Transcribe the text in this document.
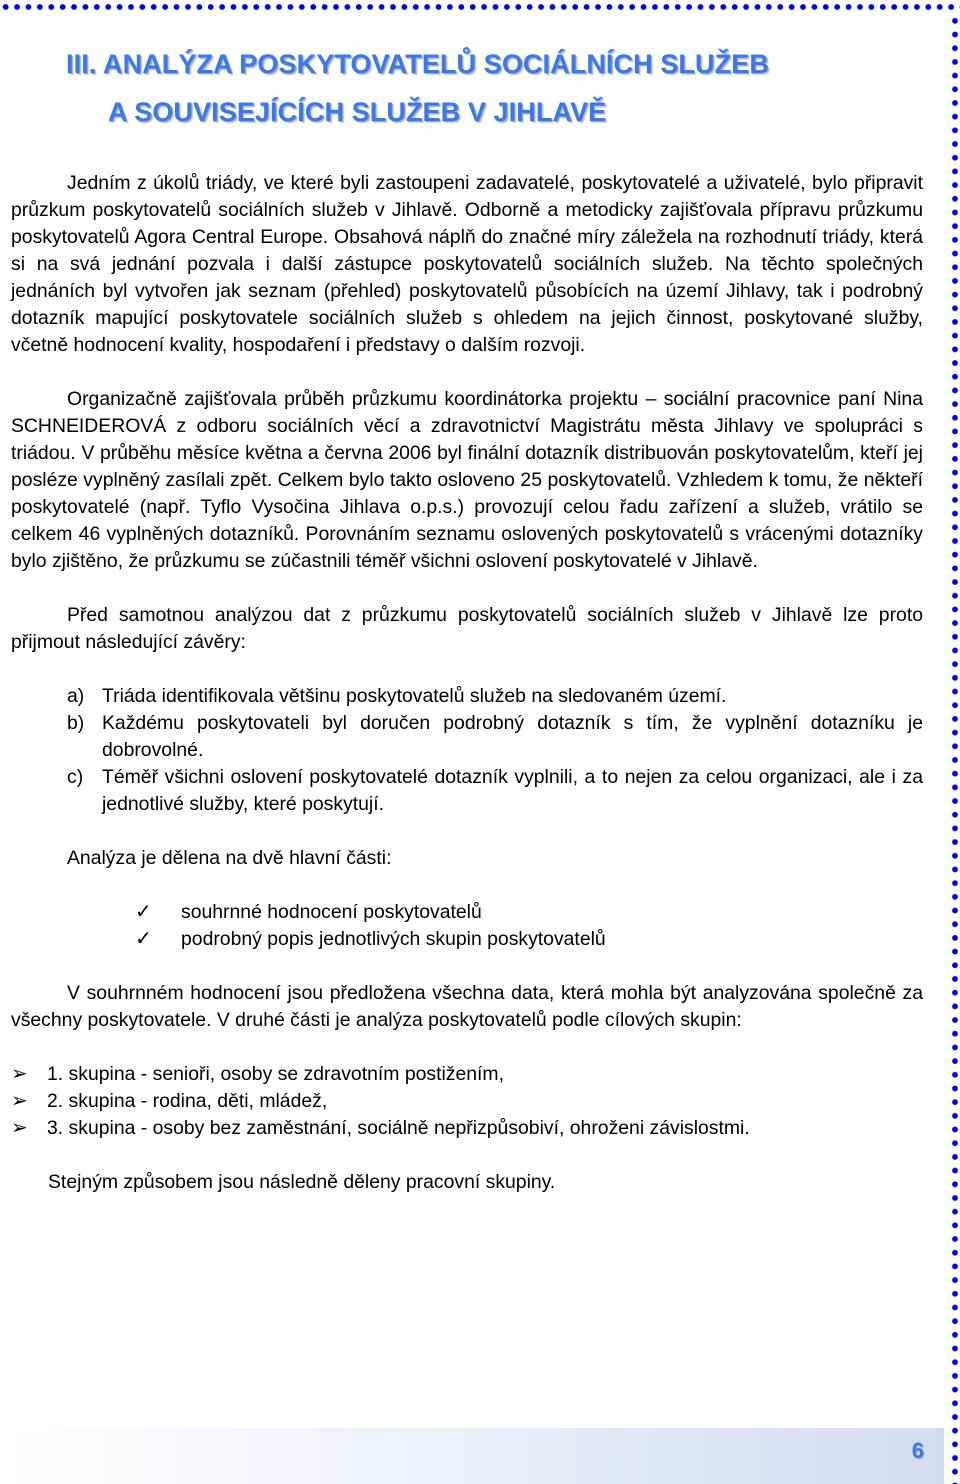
III. ANALÝZA POSKYTOVATELŮ SOCIÁLNÍCH SLUŽEB
A SOUVISEJÍCÍCH SLUŽEB V JIHLAVĚ

Jedním z úkolů triády, ve které byli zastoupeni zadavatelé, poskytovatelé a uživatelé, bylo připravit průzkum poskytovatelů sociálních služeb v Jihlavě. Odborně a metodicky zajišťovala přípravu průzkumu poskytovatelů Agora Central Europe. Obsahová náplň do značné míry záležela na rozhodnutí triády, která si na svá jednání pozvala i další zástupce poskytovatelů sociálních služeb. Na těchto společných jednáních byl vytvořen jak seznam (přehled) poskytovatelů působících na území Jihlavy, tak i podrobný dotazník mapující poskytovatele sociálních služeb s ohledem na jejich činnost, poskytované služby, včetně hodnocení kvality, hospodaření i představy o dalším rozvoji.

Organizačně zajišťovala průběh průzkumu koordinátorka projektu – sociální pracovnice paní Nina SCHNEIDEROVÁ z odboru sociálních věcí a zdravotnictví Magistrátu města Jihlavy ve spolupráci s triádou. V průběhu měsíce května a června 2006 byl finální dotazník distribuován poskytovatelům, kteří jej posléze vyplněný zasílali zpět. Celkem bylo takto osloveno 25 poskytovatelů. Vzhledem k tomu, že někteří poskytovatelé (např. Tyflo Vysočina Jihlava o.p.s.) provozují celou řadu zařízení a služeb, vrátilo se celkem 46 vyplněných dotazníků. Porovnáním seznamu oslovených poskytovatelů s vrácenými dotazníky bylo zjištěno, že průzkumu se zúčastnili téměř všichni oslovení poskytovatelé v Jihlavě.

Před samotnou analýzou dat z průzkumu poskytovatelů sociálních služeb v Jihlavě lze proto přijmout následující závěry:

a) Triáda identifikovala většinu poskytovatelů služeb na sledovaném území.
b) Každému poskytovateli byl doručen podrobný dotazník s tím, že vyplnění dotazníku je dobrovolné.
c) Téměř všichni oslovení poskytovatelé dotazník vyplnili, a to nejen za celou organizaci, ale i za jednotlivé služby, které poskytují.

Analýza je dělena na dvě hlavní části:

✓ souhrnné hodnocení poskytovatelů
✓ podrobný popis jednotlivých skupin poskytovatelů

V souhrnném hodnocení jsou předložena všechna data, která mohla být analyzována společně za všechny poskytovatele. V druhé části je analýza poskytovatelů podle cílových skupin:

➢ 1. skupina - senioři, osoby se zdravotním postižením,
➢ 2. skupina - rodina, děti, mládež,
➢ 3. skupina - osoby bez zaměstnání, sociálně nepřizpůsobiví, ohroženi závislostmi.

Stejným způsobem jsou následně děleny pracovní skupiny.

6
